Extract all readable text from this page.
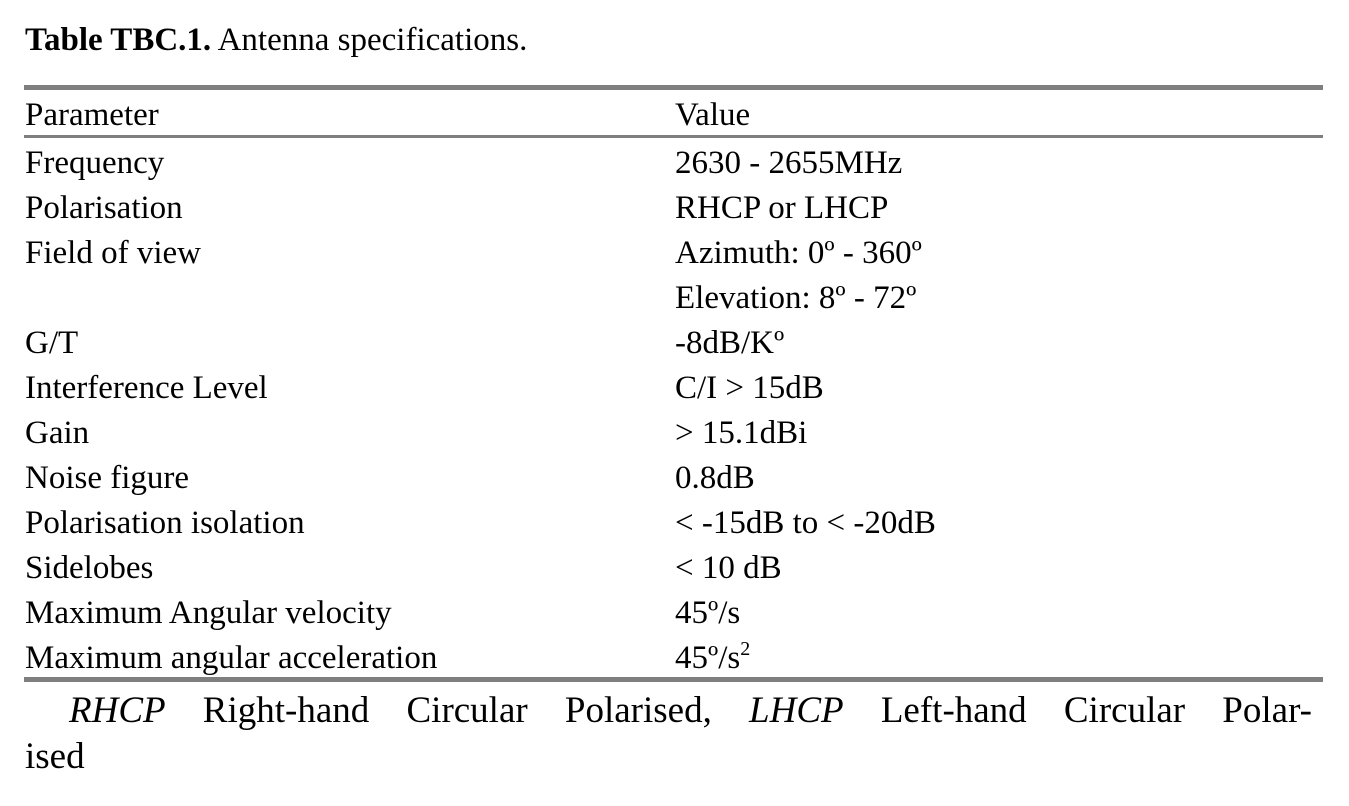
Table TBC.1. Antenna specifications.
Parameter	Value
Frequency	2630 - 2655MHz
Polarisation	RHCP or LHCP
Field of view	Azimuth: 0º - 360º
Elevation: 8º - 72º
G/T	-8dB/Kº
Interference Level	C/I > 15dB
Gain	> 15.1dBi
Noise figure	0.8dB
Polarisation isolation	< -15dB to < -20dB
Sidelobes	< 10 dB
Maximum Angular velocity	45º/s
Maximum angular acceleration	$45º/s^2$
RHCP Right-hand Circular Polarised, LHCP Left-hand Circular Polar-
ised
